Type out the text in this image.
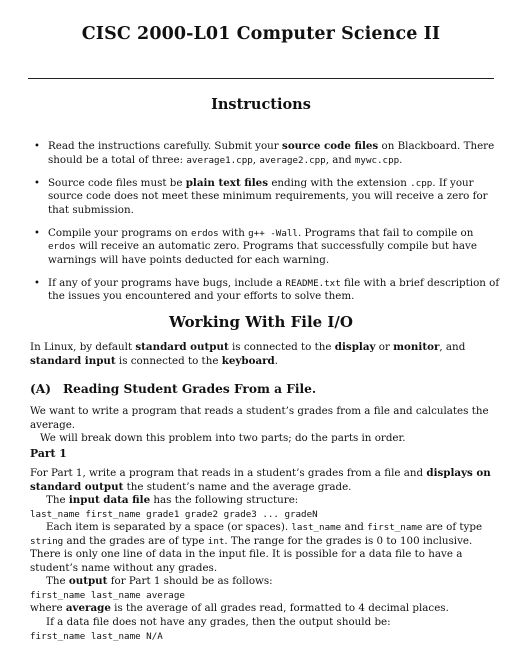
CISC 2000-L01 Computer Science II
Instructions
• Read the instructions carefully. Submit your source code files on Blackboard. There should be a total of three: average1.cpp, average2.cpp, and mywc.cpp.
• Source code files must be plain text files ending with the extension .cpp. If your source code does not meet these minimum requirements, you will receive a zero for that submission.
• Compile your programs on erdos with g++ -Wall. Programs that fail to compile on erdos will receive an automatic zero. Programs that successfully compile but have warnings will have points deducted for each warning.
• If any of your programs have bugs, include a README.txt file with a brief description of the issues you encountered and your efforts to solve them.
Working With File I/O

In Linux, by default standard output is connected to the display or monitor, and standard input is connected to the keyboard.

(A) Reading Student Grades From a File.

We want to write a program that reads a student’s grades from a file and calculates the average.
We will break down this problem into two parts; do the parts in order.

Part 1

For Part 1, write a program that reads in a student’s grades from a file and displays on standard output the student’s name and the average grade.

The input data file has the following structure:

last_name first_name grade1 grade2 grade3 ... gradeN

Each item is separated by a space (or spaces). last_name and first_name are of type string and the grades are of type int. The range for the grades is 0 to 100 inclusive. There is only one line of data in the input file. It is possible for a data file to have a student’s name without any grades.

The output for Part 1 should be as follows:

first_name last_name average

where average is the average of all grades read, formatted to 4 decimal places.

If a data file does not have any grades, then the output should be:

first_name last_name N/A
